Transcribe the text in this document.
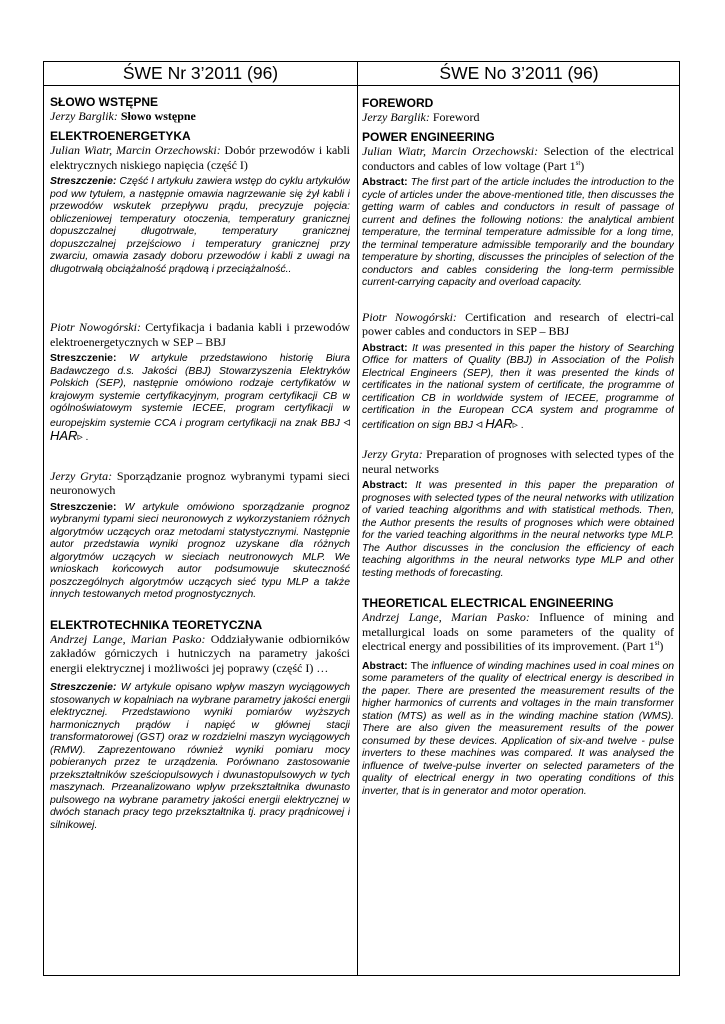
ŚWE Nr 3’2011 (96)	ŚWE No 3’2011 (96)

SŁOWO WSTĘPNE

Jerzy Barglik: Słowo wstępne

ELEKTROENERGETYKA

Julian Wiatr, Marcin Orzechowski: Dobór przewodów i kabli elektrycznych niskiego napięcia (część I)

Streszczenie: Część I artykułu zawiera wstęp do cyklu artykułów pod ww tytułem, a następnie omawia nagrzewanie się żył kabli i przewodów wskutek przepływu prądu, precyzuje pojęcia: obliczeniowej temperatury otoczenia, temperatury granicznej dopuszczalnej długotrwale, temperatury granicznej dopuszczalnej przejściowo i temperatury granicznej przy zwarciu, omawia zasady doboru przewodów i kabli z uwagi na długotrwałą obciążalność prądową i przeciążalność..

Piotr Nowogórski: Certyfikacja i badania kabli i przewodów elektroenergetycznych w SEP – BBJ

Streszczenie: W artykule przedstawiono historię Biura Badawczego d.s. Jakości (BBJ) Stowarzyszenia Elektryków Polskich (SEP), następnie omówiono rodzaje certyfikatów w krajowym systemie certyfikacyjnym, program certyfikacji CB w ogólnoświatowym systemie IECEE, program certyfikacji w europejskim systemie CCA i program certyfikacji na znak BBJ ◃ HAR▹ .

Jerzy Gryta: Sporządzanie prognoz wybranymi typami sieci neuronowych

Streszczenie: W artykule omówiono sporządzanie prognoz wybranymi typami sieci neuronowych z wykorzystaniem różnych algorytmów uczących oraz metodami statystycznymi. Następnie autor przedstawia wyniki prognoz uzyskane dla różnych algorytmów uczących w sieciach neutronowych MLP. We wnioskach końcowych autor podsumowuje skuteczność poszczególnych algorytmów uczących sieć typu MLP a także innych testowanych metod prognostycznych.

ELEKTROTECHNIKA TEORETYCZNA

Andrzej Lange, Marian Pasko: Oddziaływanie odbiorników zakładów górniczych i hutniczych na parametry jakości energii elektrycznej i możliwości jej poprawy (część I) …

Streszczenie: W artykule opisano wpływ maszyn wyciągowych stosowanych w kopalniach na wybrane parametry jakości energii elektrycznej. Przedstawiono wyniki pomiarów wyższych harmonicznych prądów i napięć w głównej stacji transformatorowej (GST) oraz w rozdzielni maszyn wyciągowych (RMW). Zaprezentowano również wyniki pomiaru mocy pobieranych przez te urządzenia. Porównano zastosowanie przekształtników sześciopulsowych i dwunastopulsowych w tych maszynach. Przeanalizowano wpływ przekształtnika dwunasto pulsowego na wybrane parametry jakości energii elektrycznej w dwóch stanach pracy tego przekształtnika tj. pracy prądnicowej i silnikowej.

FOREWORD

Jerzy Barglik: Foreword

POWER ENGINEERING

Julian Wiatr, Marcin Orzechowski: Selection of the electrical conductors and cables of low voltage (Part 1st)

Abstract: The first part of the article includes the introduction to the cycle of articles under the above-mentioned title, then discusses the getting warm of cables and conductors in result of passage of current and defines the following notions: the analytical ambient temperature, the terminal temperature admissible for a long time, the terminal temperature admissible temporarily and the boundary temperature by shorting, discusses the principles of selection of the conductors and cables considering the long-term permissible current-carrying capacity and overload capacity.

Piotr Nowogórski: Certification and research of electri-cal power cables and conductors in SEP – BBJ

Abstract: It was presented in this paper the history of Searching Office for matters of Quality (BBJ) in Association of the Polish Electrical Engineers (SEP), then it was presented the kinds of certificates in the national system of certificate, the programme of certification CB in worldwide system of IECEE, programme of certification in the European CCA system and programme of certification on sign BBJ ◃ HAR▹ .

Jerzy Gryta: Preparation of prognoses with selected types of the neural networks

Abstract: It was presented in this paper the preparation of prognoses with selected types of the neural networks with utilization of varied teaching algorithms and with statistical methods. Then, the Author presents the results of prognoses which were obtained for the varied teaching algorithms in the neural networks type MLP. The Author discusses in the conclusion the efficiency of each teaching algorithms in the neural networks type MLP and other testing methods of forecasting.

THEORETICAL ELECTRICAL ENGINEERING

Andrzej Lange, Marian Pasko: Influence of mining and metallurgical loads on some parameters of the quality of electrical energy and possibilities of its improvement. (Part 1st)

Abstract: The influence of winding machines used in coal mines on some parameters of the quality of electrical energy is described in the paper. There are presented the measurement results of the higher harmonics of currents and voltages in the main transformer station (MTS) as well as in the winding machine station (WMS). There are also given the measurement results of the power consumed by these devices. Application of six-and twelve - pulse inverters to these machines was compared. It was analysed the influence of twelve-pulse inverter on selected parameters of the quality of electrical energy in two operating conditions of this inverter, that is in generator and motor operation.
